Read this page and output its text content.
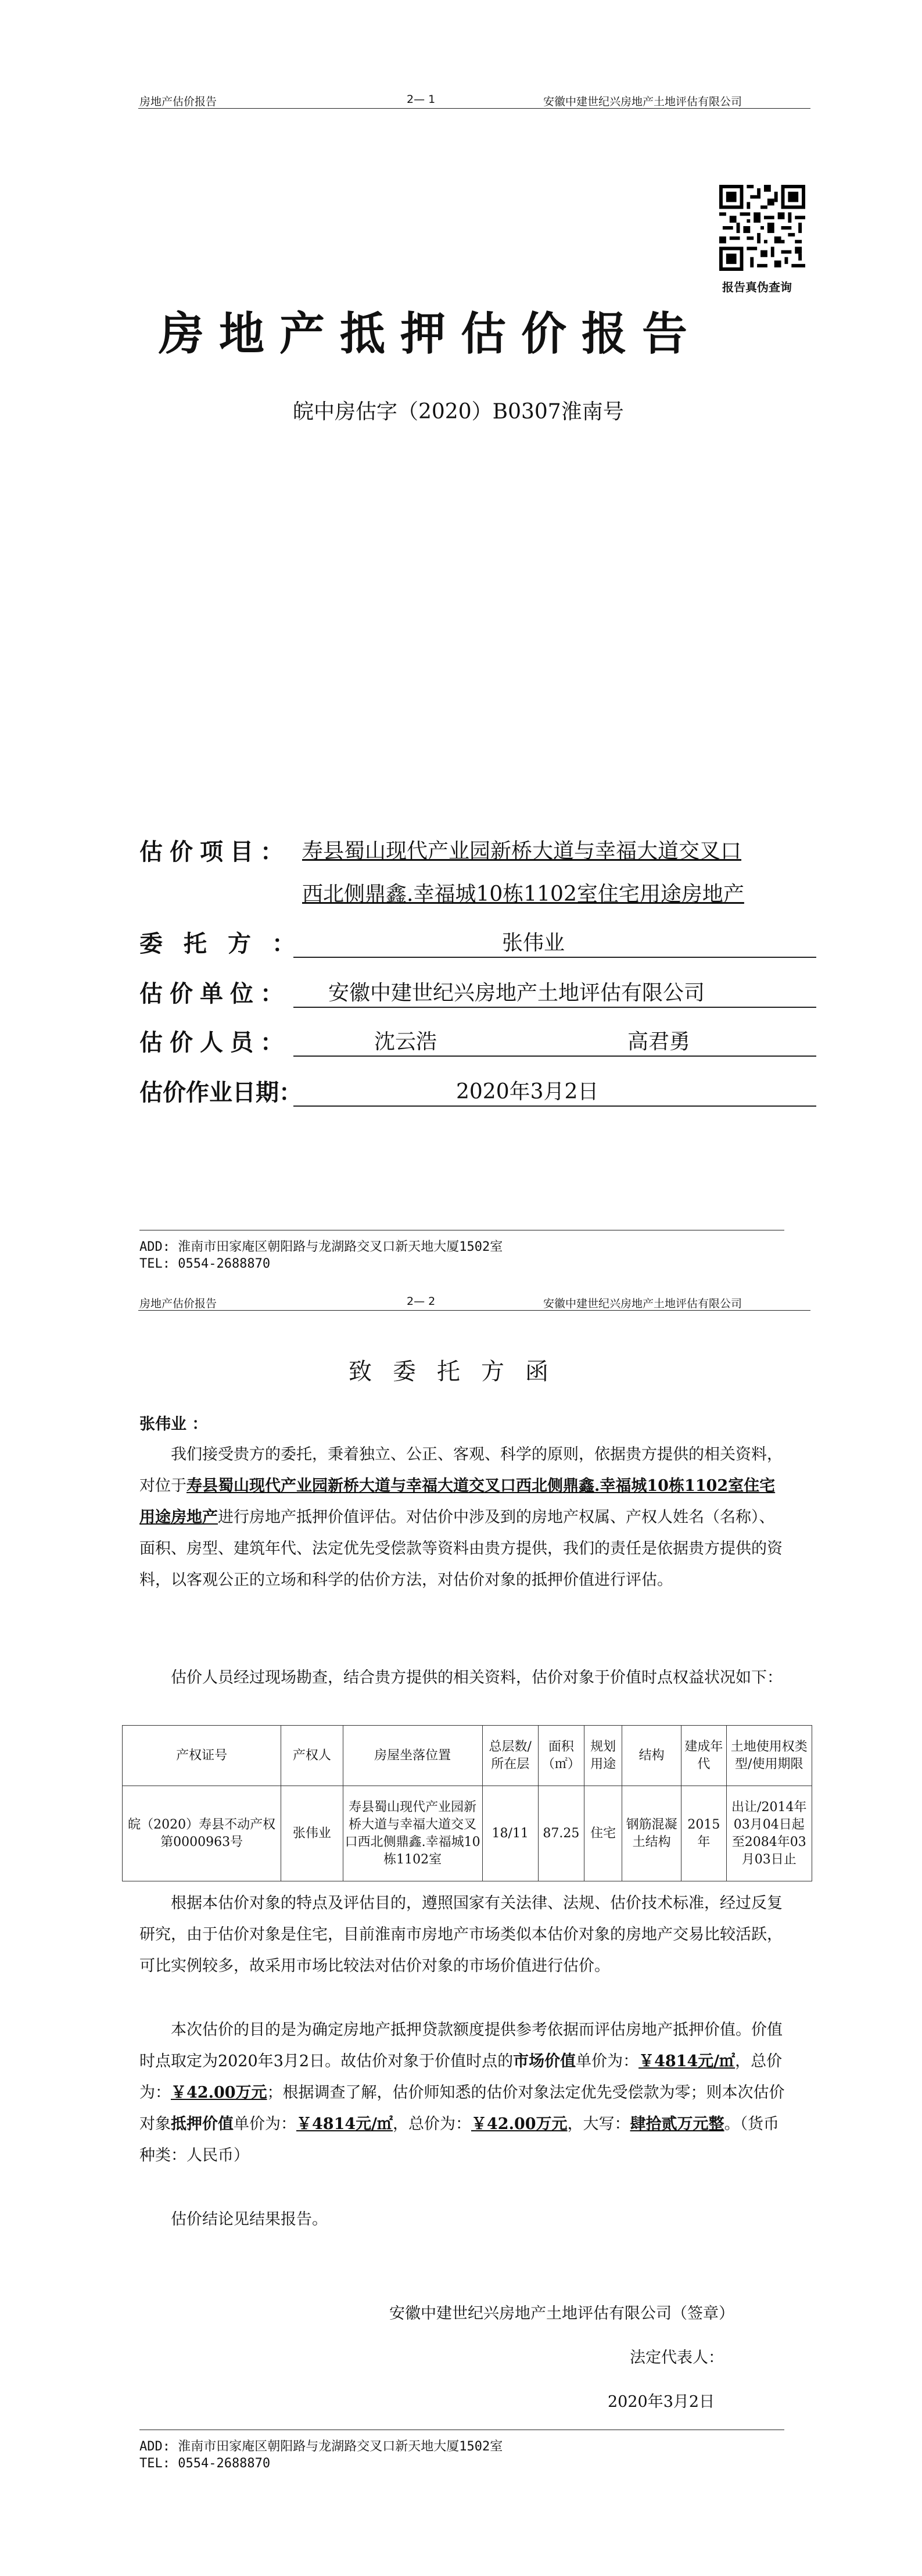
房地产估价报告	2— 1	安徽中建世纪兴房地产土地评估有限公司
报告真伪查询
房地产抵押估价报告
皖中房估字（2020）B0307淮南号
估价项目： 寿县蜀山现代产业园新桥大道与幸福大道交叉口
西北侧鼎鑫.幸福城10栋1102室住宅用途房地产
委托方：	张伟业
估价单位： 安徽中建世纪兴房地产土地评估有限公司
估价人员：	沈云浩	高君勇
估价作业日期：	2020年3月2日
ADD: 淮南市田家庵区朝阳路与龙湖路交叉口新天地大厦1502室
TEL: 0554-2688870
房地产估价报告	2— 2	安徽中建世纪兴房地产土地评估有限公司
致委托方函
张伟业 ：
我们接受贵方的委托，秉着独立、公正、客观、科学的原则，依据贵方提供的相关资料，对位于寿县蜀山现代产业园新桥大道与幸福大道交叉口西北侧鼎鑫.幸福城10栋1102室住宅用途房地产进行房地产抵押价值评估。对估价中涉及到的房地产权属、产权人姓名（名称）、面积、房型、建筑年代、法定优先受偿款等资料由贵方提供，我们的责任是依据贵方提供的资料，以客观公正的立场和科学的估价方法，对估价对象的抵押价值进行评估。
估价人员经过现场勘查，结合贵方提供的相关资料，估价对象于价值时点权益状况如下：
产权证号	产权人	房屋坐落位置	总层数/所在层	面积（㎡）	规划用途	结构	建成年代	土地使用权类型/使用期限
皖（2020）寿县不动产权第0000963号	张伟业	寿县蜀山现代产业园新桥大道与幸福大道交叉口西北侧鼎鑫.幸福城10栋1102室	18/11	87.25	住宅	钢筋混凝土结构	2015年	出让/2014年03月04日起至2084年03月03日止
根据本估价对象的特点及评估目的，遵照国家有关法律、法规、估价技术标准，经过反复研究，由于估价对象是住宅，目前淮南市房地产市场类似本估价对象的房地产交易比较活跃，可比实例较多，故采用市场比较法对估价对象的市场价值进行估价。
本次估价的目的是为确定房地产抵押贷款额度提供参考依据而评估房地产抵押价值。价值时点取定为2020年3月2日。故估价对象于价值时点的市场价值单价为：￥4814元/㎡，总价为：￥42.00万元；根据调查了解，估价师知悉的估价对象法定优先受偿款为零；则本次估价对象抵押价值单价为：￥4814元/㎡，总价为：￥42.00万元，大写：肆拾贰万元整。（货币种类：人民币）
估价结论见结果报告。
安徽中建世纪兴房地产土地评估有限公司（签章）
法定代表人：
2020年3月2日
ADD: 淮南市田家庵区朝阳路与龙湖路交叉口新天地大厦1502室
TEL: 0554-2688870
